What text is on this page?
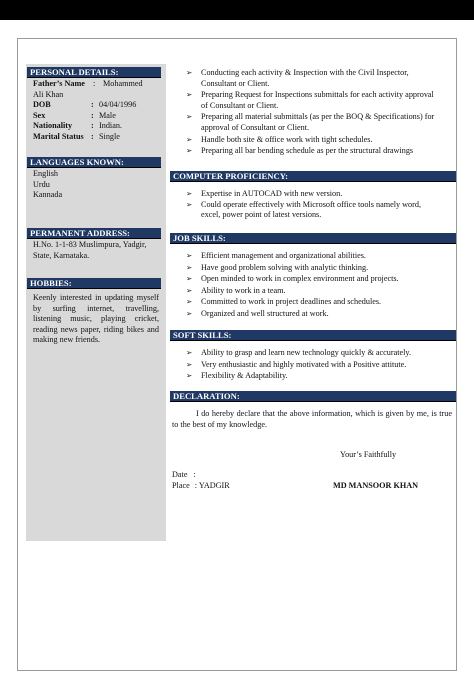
PERSONAL DETAILS:
Father’s Name : Mohammed
Ali Khan
DOB	: 04/04/1996
Sex	: Male
Nationality : Indian.
Marital Status : Single
LANGUAGES KNOWN:
English
Urdu
Kannada
PERMANENT ADDRESS:
H.No. 1-1-83 Muslimpura, Yadgir,
State, Karnataka.
HOBBIES:
Keenly interested in updating myself by surfing internet, travelling, listening music, playing cricket, reading news paper, riding bikes and making new friends.
➢ Conducting each activity & Inspection with the Civil Inspector, Consultant or Client.
➢ Preparing Request for Inspections submittals for each activity approval of Consultant or Client.
➢ Preparing all material submittals (as per the BOQ & Specifications) for approval of Consultant or Client.
➢ Handle both site & office work with tight schedules.
➢ Preparing all bar bending schedule as per the structural drawings
COMPUTER PROFICIENCY:
➢ Expertise in AUTOCAD with new version.
➢ Could operate effectively with Microsoft office tools namely word, excel, power point of latest versions.
JOB SKILLS:
➢ Efficient management and organizational abilities.
➢ Have good problem solving with analytic thinking.
➢ Open minded to work in complex environment and projects.
➢ Ability to work in a team.
➢ Committed to work in project deadlines and schedules.
➢ Organized and well structured at work.
SOFT SKILLS:
➢ Ability to grasp and learn new technology quickly & accurately.
➢ Very enthusiastic and highly motivated with a Positive attitute.
➢ Flexibility & Adaptability.
DECLARATION:
I do hereby declare that the above information, which is given by me, is true to the best of my knowledge.
Your’s Faithfully
Date :
Place : YADGIR	MD MANSOOR KHAN
